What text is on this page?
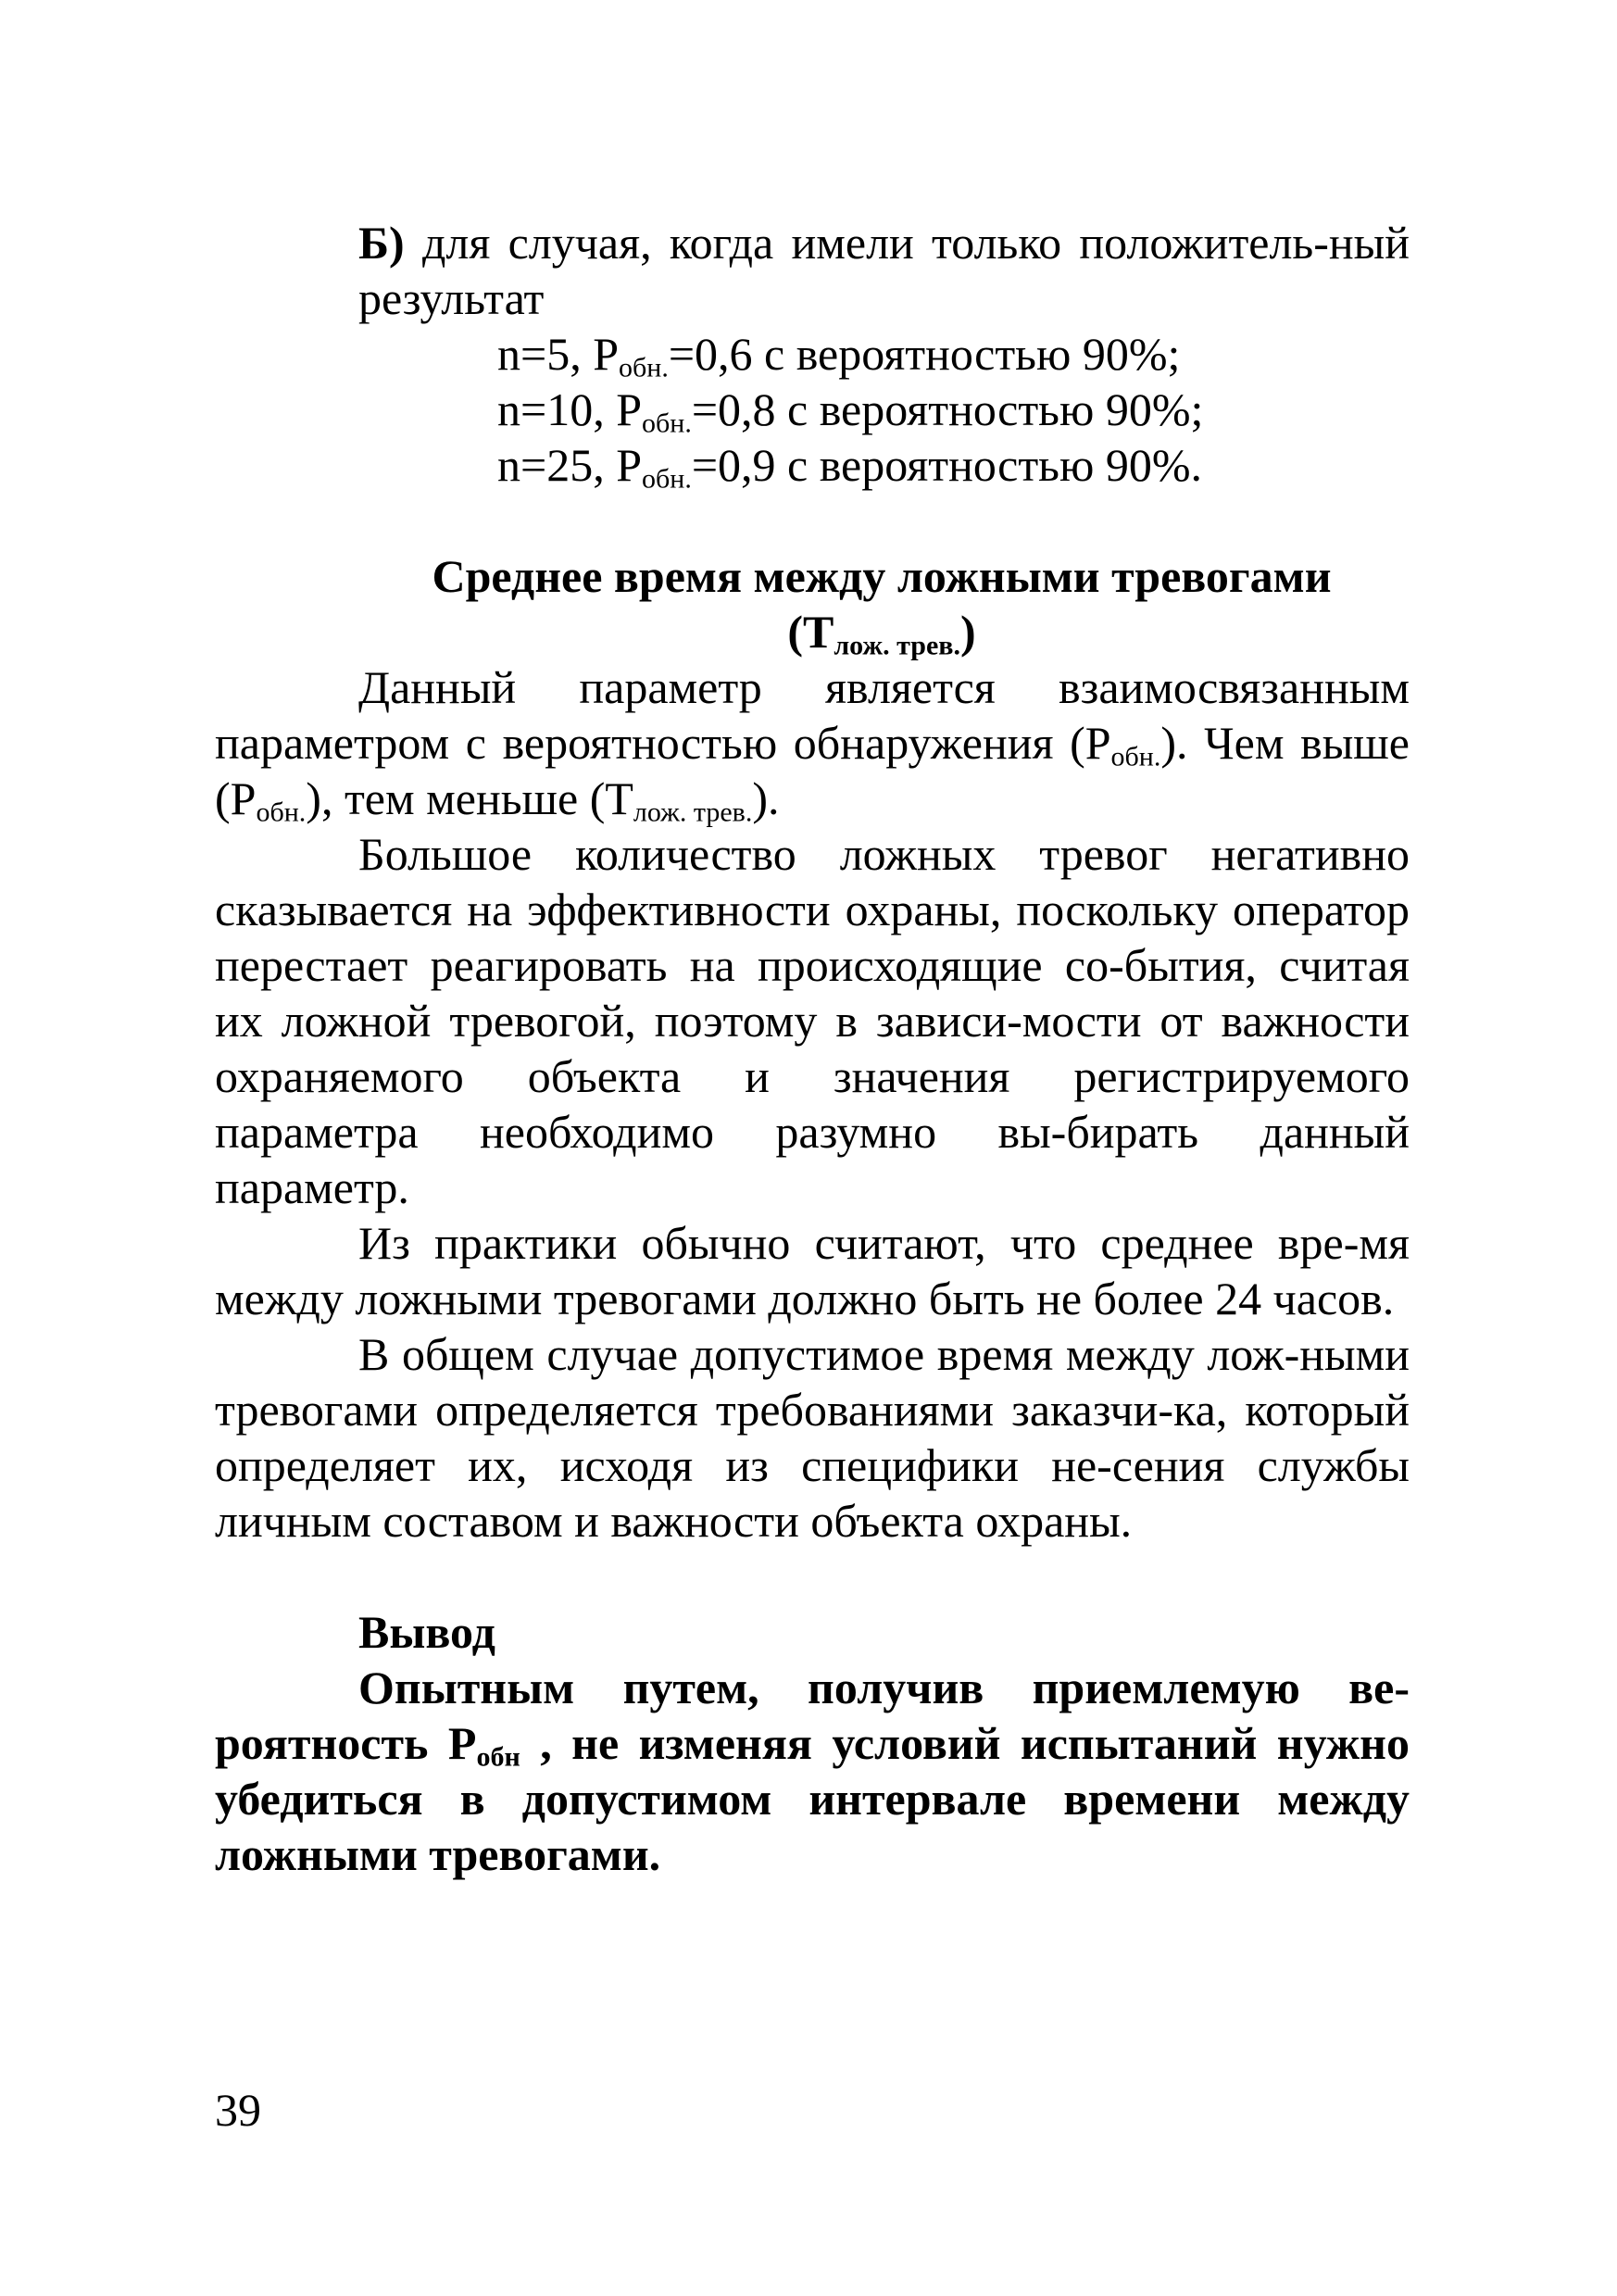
Б) для случая, когда имели только положитель-ный результат

n=5, $P_{обн.}=0,6$ с вероятностью 90%;

n=10, $P_{обн.}=0,8$ с вероятностью 90%;

n=25, $P_{обн.}=0,9$ с вероятностью 90%.

Среднее время между ложными тревогами

$(T_{лож. трев.})$

Данный параметр является взаимосвязанным параметром с вероятностью обнаружения $(P_{обн.})$. Чем выше $(P_{обн.})$, тем меньше $(T_{лож. трев.})$.

Большое количество ложных тревог негативно сказывается на эффективности охраны, поскольку оператор перестает реагировать на происходящие со-бытия, считая их ложной тревогой, поэтому в зависи-мости от важности охраняемого объекта и значения регистрируемого параметра необходимо разумно вы-бирать данный параметр.

Из практики обычно считают, что среднее вре-мя между ложными тревогами должно быть не более 24 часов.

В общем случае допустимое время между лож-ными тревогами определяется требованиями заказчи-ка, который определяет их, исходя из специфики не-сения службы личным составом и важности объекта охраны.

Вывод

Опытным путем, получив приемлемую ве-роятность $P_{обн}$ , не изменяя условий испытаний нужно убедиться в допустимом интервале времени между ложными тревогами.

39
